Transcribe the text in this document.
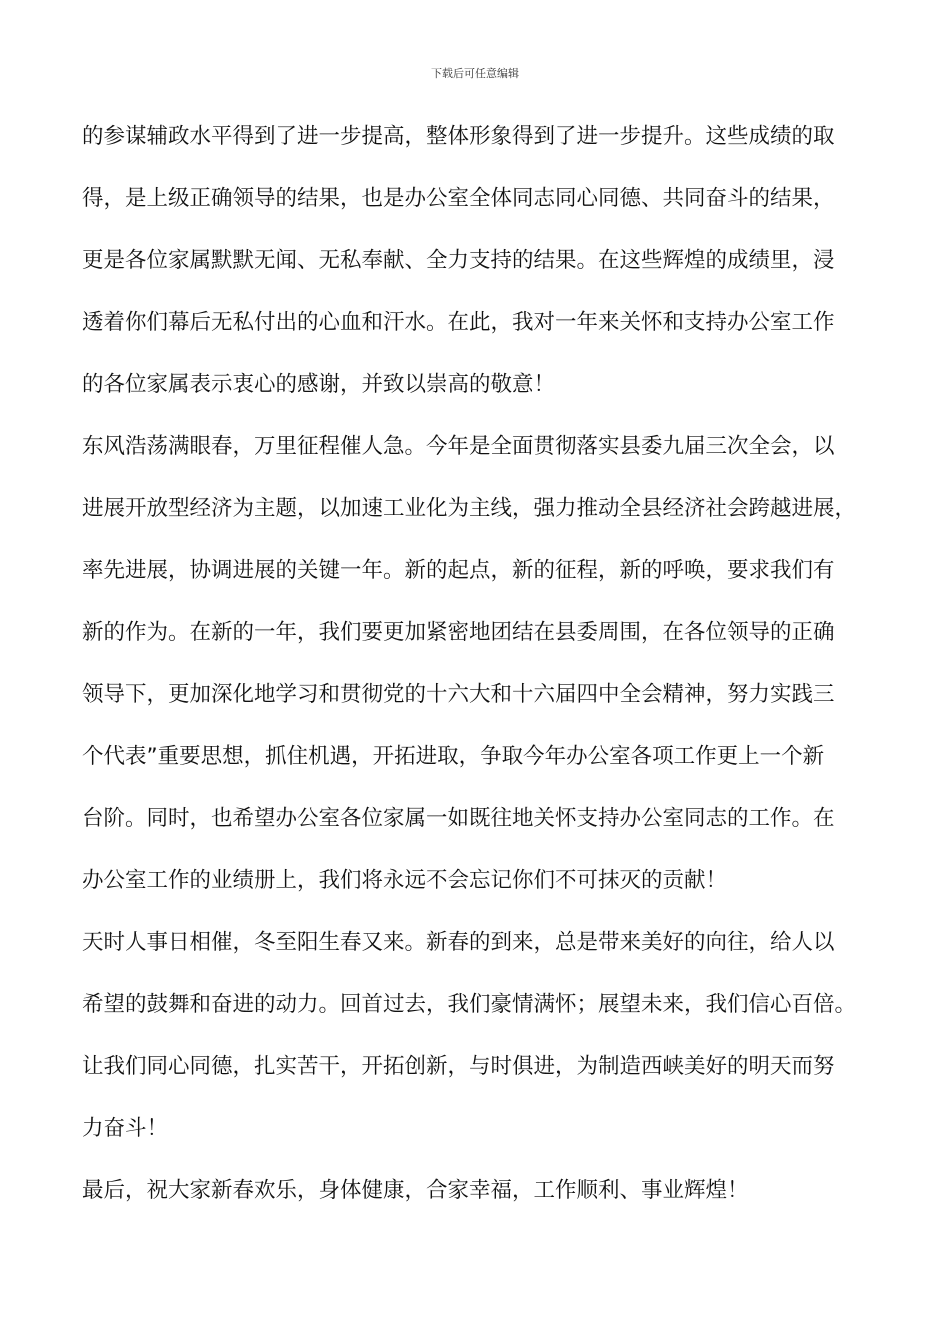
下载后可任意编辑
的参谋辅政水平得到了进一步提高，整体形象得到了进一步提升。这些成绩的取
得，是上级正确领导的结果，也是办公室全体同志同心同德、共同奋斗的结果，
更是各位家属默默无闻、无私奉献、全力支持的结果。在这些辉煌的成绩里，浸
透着你们幕后无私付出的心血和汗水。在此，我对一年来关怀和支持办公室工作
的各位家属表示衷心的感谢，并致以崇高的敬意！
东风浩荡满眼春，万里征程催人急。今年是全面贯彻落实县委九届三次全会，以
进展开放型经济为主题，以加速工业化为主线，强力推动全县经济社会跨越进展，
率先进展，协调进展的关键一年。新的起点，新的征程，新的呼唤，要求我们有
新的作为。在新的一年，我们要更加紧密地团结在县委周围，在各位领导的正确
领导下，更加深化地学习和贯彻党的十六大和十六届四中全会精神，努力实践三
个代表”重要思想，抓住机遇，开拓进取，争取今年办公室各项工作更上一个新
台阶。同时，也希望办公室各位家属一如既往地关怀支持办公室同志的工作。在
办公室工作的业绩册上，我们将永远不会忘记你们不可抹灭的贡献！
天时人事日相催，冬至阳生春又来。新春的到来，总是带来美好的向往，给人以
希望的鼓舞和奋进的动力。回首过去，我们豪情满怀；展望未来，我们信心百倍。
让我们同心同德，扎实苦干，开拓创新，与时俱进，为制造西峡美好的明天而努
力奋斗！
最后，祝大家新春欢乐，身体健康，合家幸福，工作顺利、事业辉煌！
